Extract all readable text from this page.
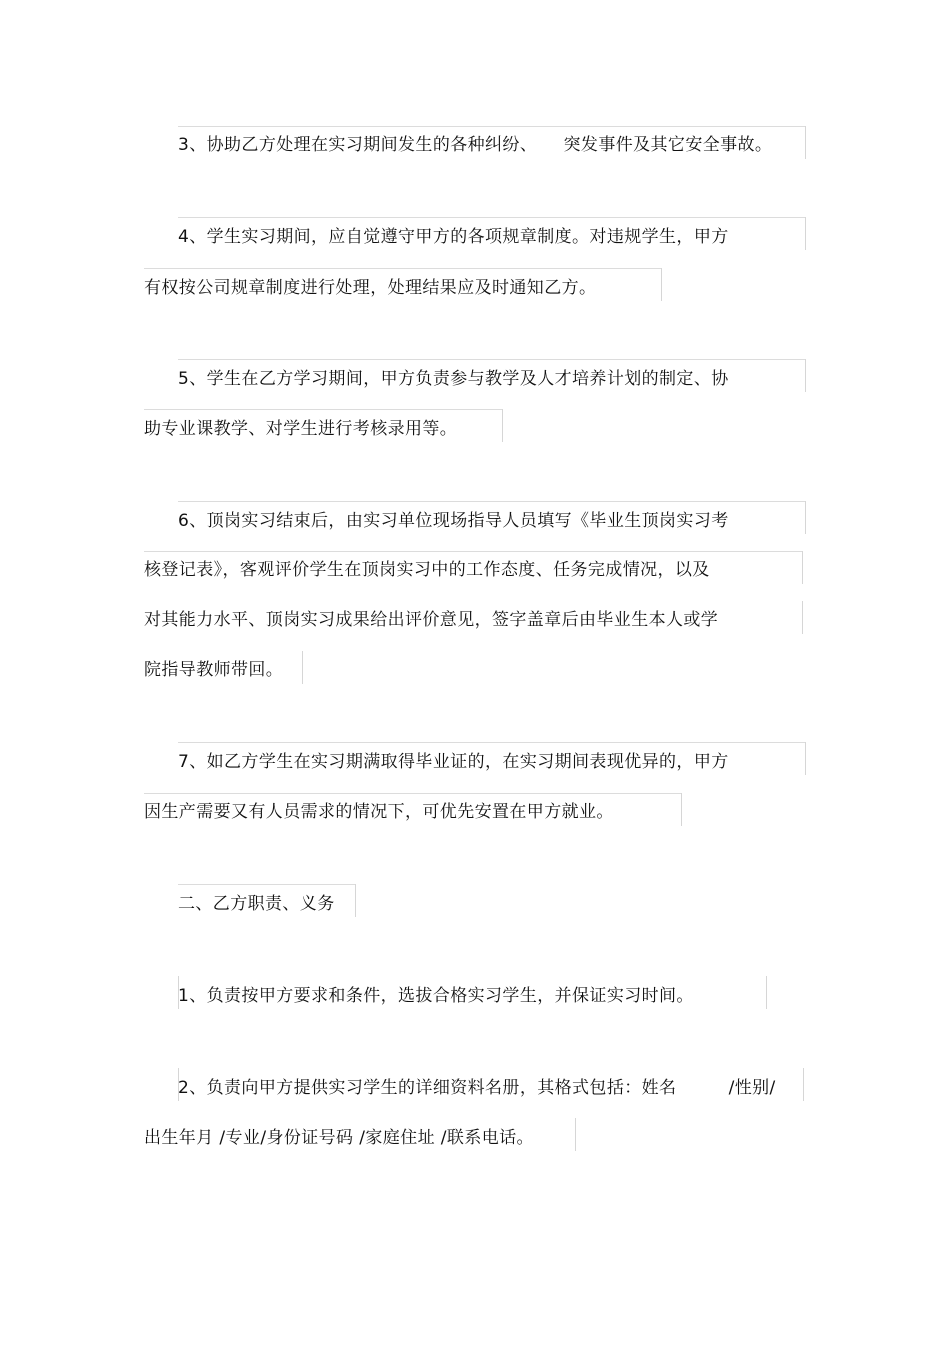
3、协助乙方处理在实习期间发生的各种纠纷、　　突发事件及其它安全事故。
4、学生实习期间，应自觉遵守甲方的各项规章制度。对违规学生，甲方
有权按公司规章制度进行处理，处理结果应及时通知乙方。
5、学生在乙方学习期间，甲方负责参与教学及人才培养计划的制定、协
助专业课教学、对学生进行考核录用等。
6、顶岗实习结束后，由实习单位现场指导人员填写《毕业生顶岗实习考
核登记表》，客观评价学生在顶岗实习中的工作态度、任务完成情况，以及
对其能力水平、顶岗实习成果给出评价意见，签字盖章后由毕业生本人或学
院指导教师带回。
7、如乙方学生在实习期满取得毕业证的，在实习期间表现优异的，甲方
因生产需要又有人员需求的情况下，可优先安置在甲方就业。
二、乙方职责、义务
1、负责按甲方要求和条件，选拔合格实习学生，并保证实习时间。
2、负责向甲方提供实习学生的详细资料名册，其格式包括：姓名　　　/性别/
出生年月 /专业/身份证号码 /家庭住址 /联系电话。
